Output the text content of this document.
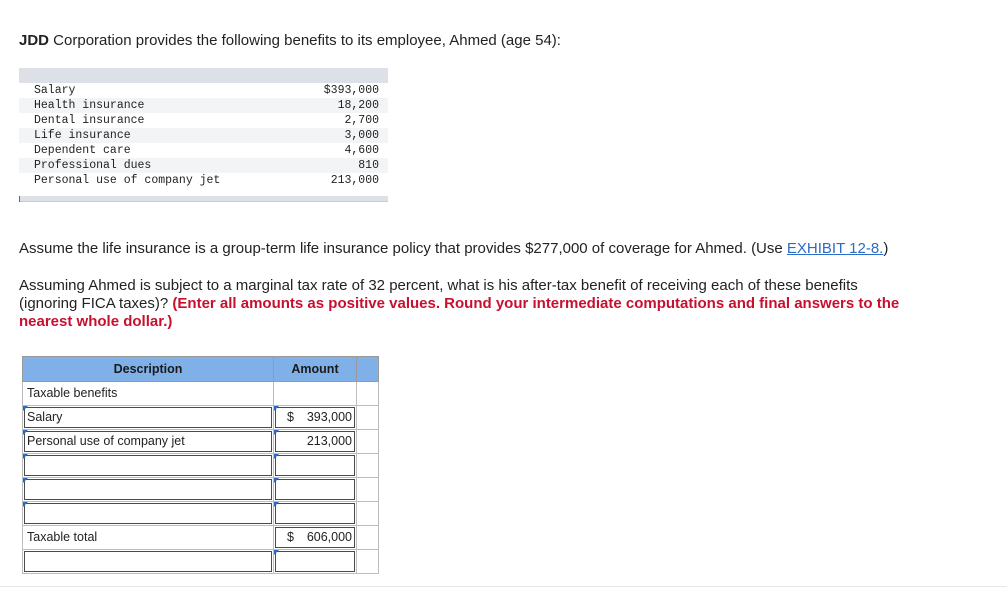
JDD Corporation provides the following benefits to its employee, Ahmed (age 54):

Salary	$393,000
Health insurance	18,200
Dental insurance	2,700
Life insurance	3,000
Dependent care	4,600
Professional dues	810
Personal use of company jet	213,000

Assume the life insurance is a group-term life insurance policy that provides $277,000 of coverage for Ahmed. (Use EXHIBIT 12-8.)

Assuming Ahmed is subject to a marginal tax rate of 32 percent, what is his after-tax benefit of receiving each of these benefits
(ignoring FICA taxes)? (Enter all amounts as positive values. Round your intermediate computations and final answers to the
nearest whole dollar.)

Description	Amount	

Taxable benefits		

Salary	$ 393,000	

Personal use of company jet	213,000	

Taxable total	$ 606,000	
